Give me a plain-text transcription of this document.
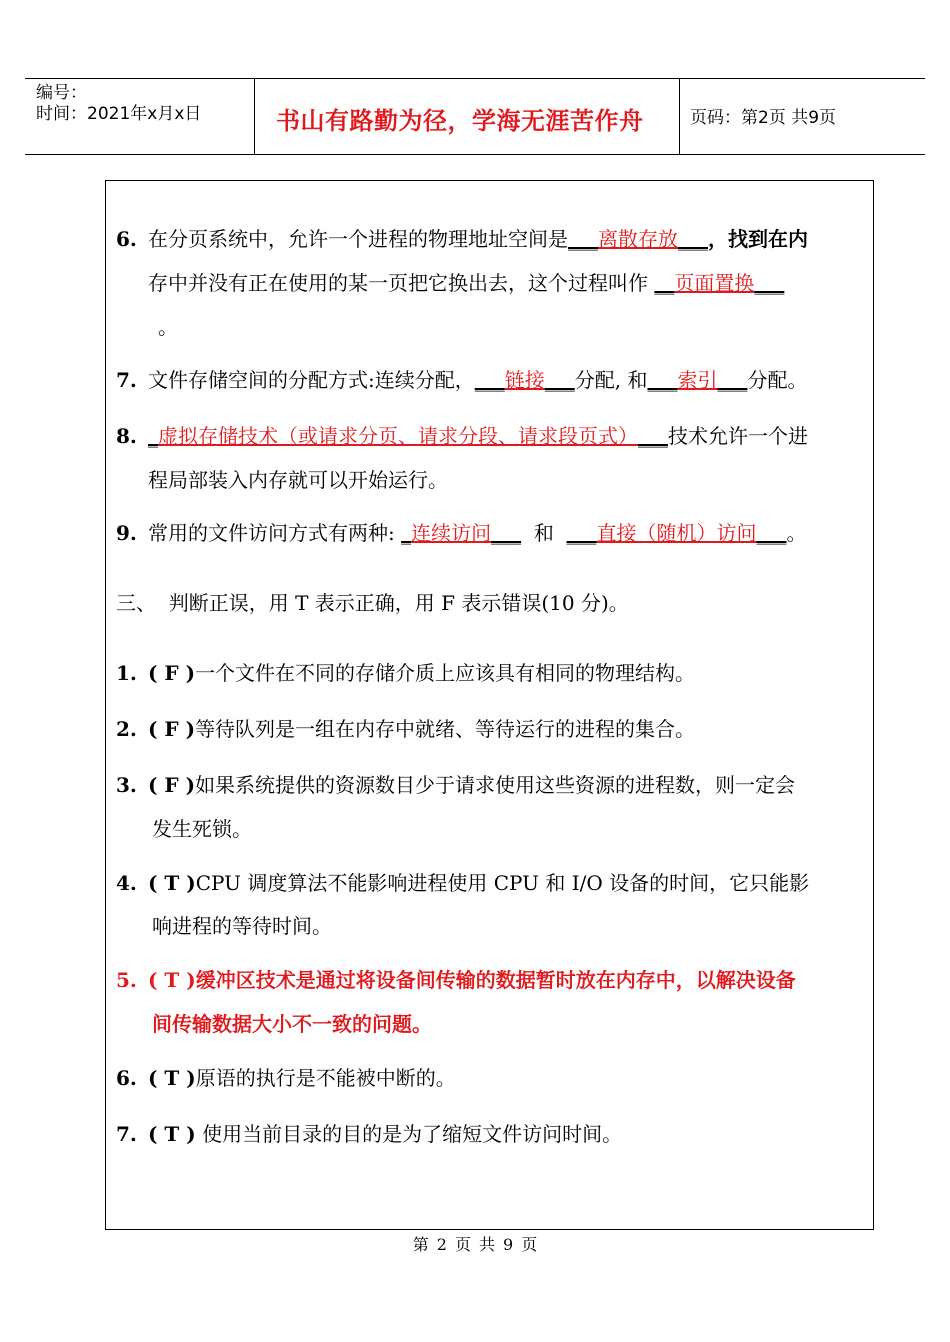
编号：
时间：2021年x月x日	书山有路勤为径，学海无涯苦作舟	页码：第2页 共9页
6. 在分页系统中，允许一个进程的物理地址空间是___离散存放___，找到在内
存中并没有正在使用的某一页把它换出去，这个过程叫作 __页面置换___
。
7. 文件存储空间的分配方式:连续分配，___链接___分配, 和___索引___分配。
8. _虚拟存储技术（或请求分页、请求分段、请求段页式）___技术允许一个进
程局部装入内存就可以开始运行。
9. 常用的文件访问方式有两种: _连续访问___ 和 ___直接（随机）访问___。
三、 判断正误，用 T 表示正确，用 F 表示错误(10 分)。
1. ( F )一个文件在不同的存储介质上应该具有相同的物理结构。
2. ( F )等待队列是一组在内存中就绪、等待运行的进程的集合。
3. ( F )如果系统提供的资源数目少于请求使用这些资源的进程数，则一定会
发生死锁。
4. ( T )CPU 调度算法不能影响进程使用 CPU 和 I/O 设备的时间，它只能影
响进程的等待时间。
5. ( T )缓冲区技术是通过将设备间传输的数据暂时放在内存中，以解决设备
间传输数据大小不一致的问题。
6. ( T )原语的执行是不能被中断的。
7. ( T ) 使用当前目录的目的是为了缩短文件访问时间。
第 2 页 共 9 页
